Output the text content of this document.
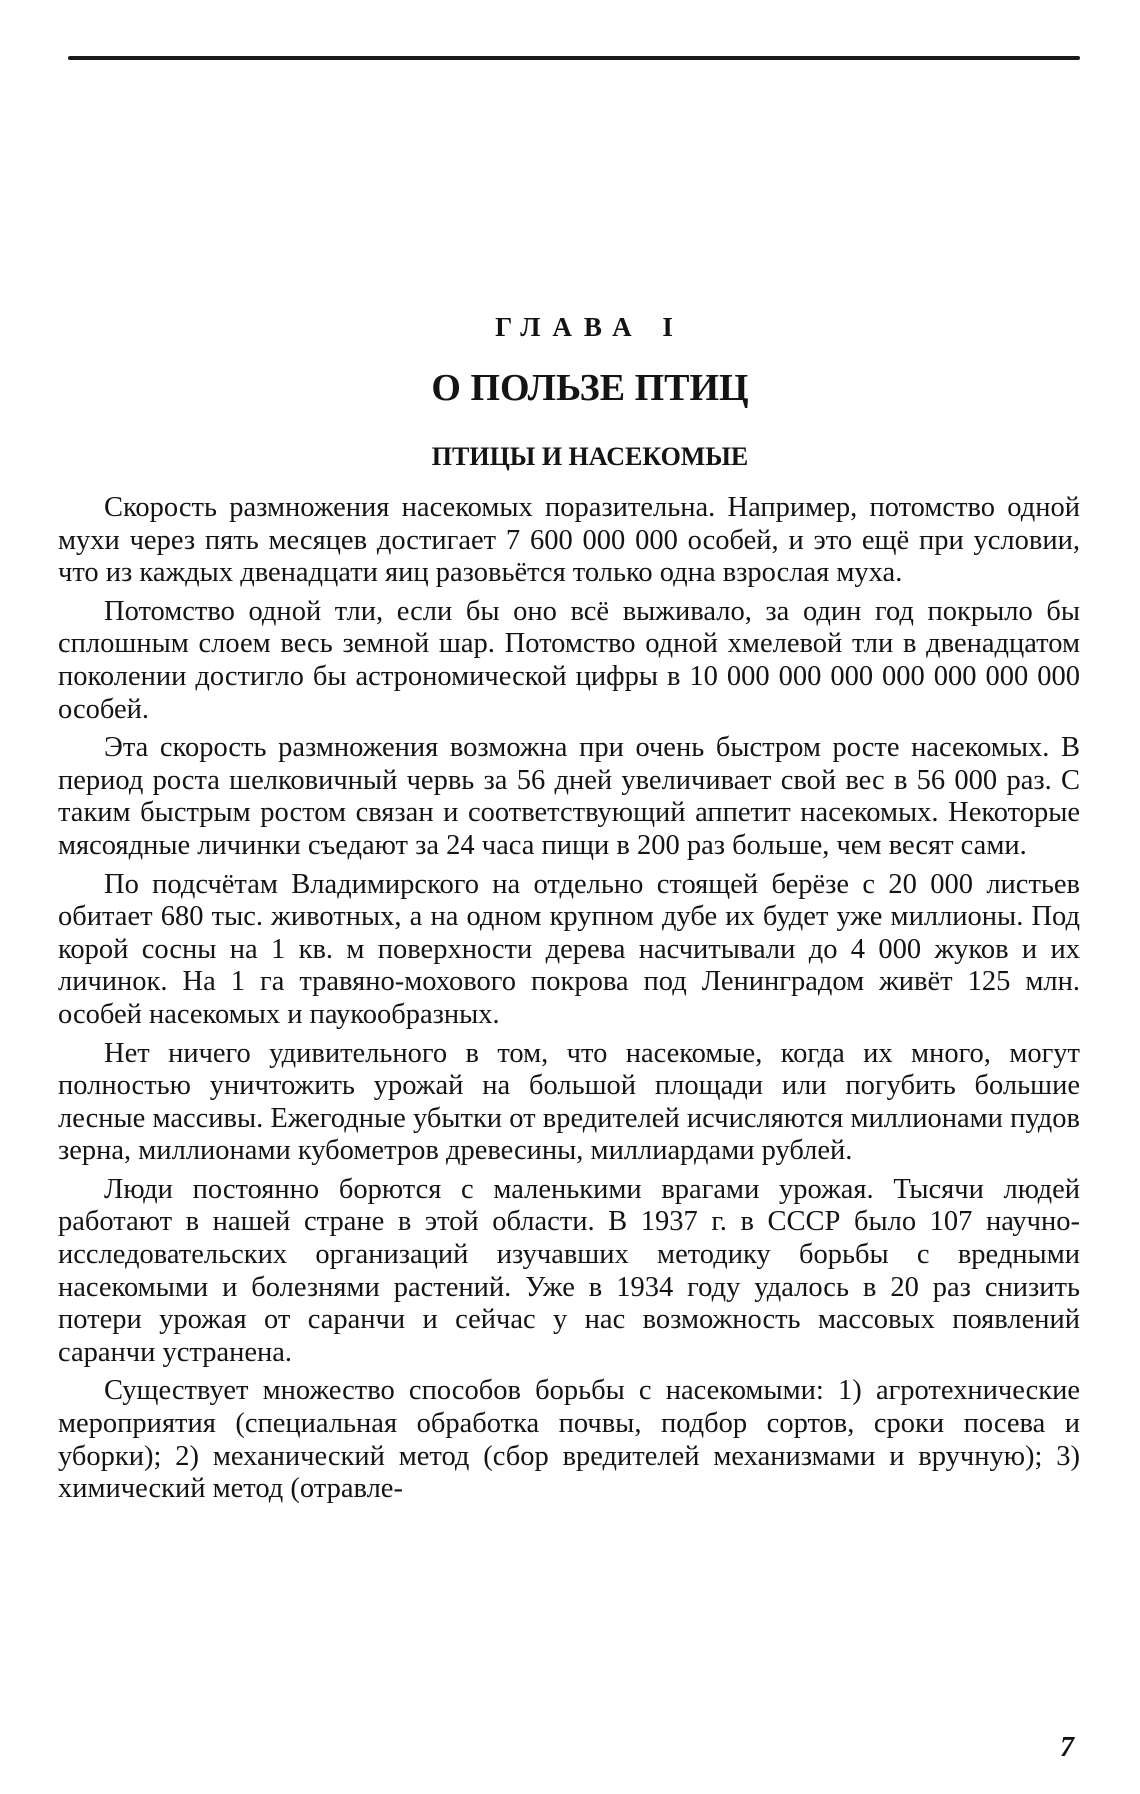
ГЛАВА I
О ПОЛЬЗЕ ПТИЦ
ПТИЦЫ И НАСЕКОМЫЕ

Скорость размножения насекомых поразительна. Например, потомство одной мухи через пять месяцев достигает 7 600 000 000 особей, и это ещё при условии, что из каждых двенадцати яиц разовьётся только одна взрослая муха.

Потомство одной тли, если бы оно всё выживало, за один год покрыло бы сплошным слоем весь земной шар. Потомство одной хмелевой тли в двенадцатом поколении достигло бы астрономической цифры в 10 000 000 000 000 000 000 000 особей.

Эта скорость размножения возможна при очень быстром росте насекомых. В период роста шелковичный червь за 56 дней увеличивает свой вес в 56 000 раз. С таким быстрым ростом связан и соответствующий аппетит насекомых. Некоторые мясоядные личинки съедают за 24 часа пищи в 200 раз больше, чем весят сами.

По подсчётам Владимирского на отдельно стоящей берёзе с 20 000 листьев обитает 680 тыс. животных, а на одном крупном дубе их будет уже миллионы. Под корой сосны на 1 кв. м поверхности дерева насчитывали до 4 000 жуков и их личинок. На 1 га травяно-мохового покрова под Ленинградом живёт 125 млн. особей насекомых и паукообразных.

Нет ничего удивительного в том, что насекомые, когда их много, могут полностью уничтожить урожай на большой площади или погубить большие лесные массивы. Ежегодные убытки от вредителей исчисляются миллионами пудов зерна, миллионами кубометров древесины, миллиардами рублей.

Люди постоянно борются с маленькими врагами урожая. Тысячи людей работают в нашей стране в этой области. В 1937 г. в СССР было 107 научно-исследовательских организаций изучавших методику борьбы с вредными насекомыми и болезнями растений. Уже в 1934 году удалось в 20 раз снизить потери урожая от саранчи и сейчас у нас возможность массовых появлений саранчи устранена.

Существует множество способов борьбы с насекомыми: 1) агротехнические мероприятия (специальная обработка почвы, подбор сортов, сроки посева и уборки); 2) механический метод (сбор вредителей механизмами и вручную); 3) химический метод (отравле-

7
